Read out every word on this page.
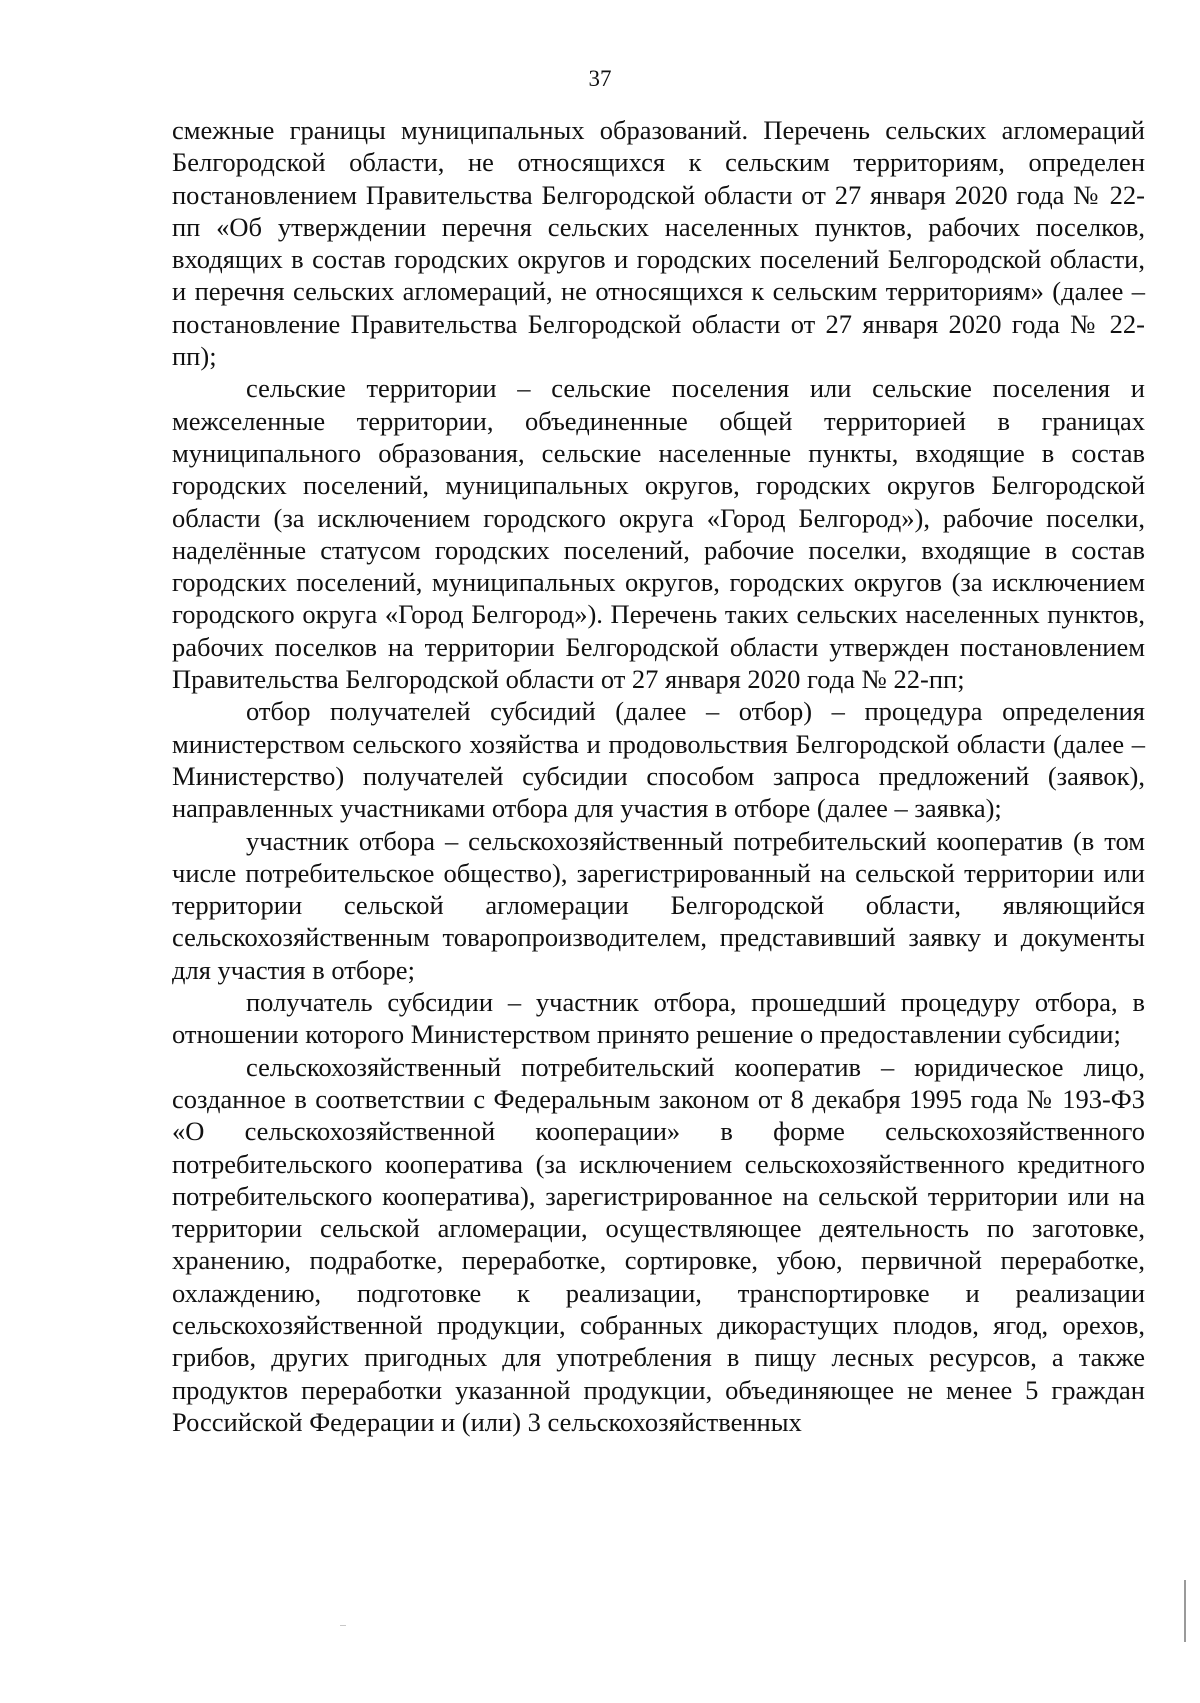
37

смежные границы муниципальных образований. Перечень сельских агломераций Белгородской области, не относящихся к сельским территориям, определен постановлением Правительства Белгородской области от 27 января 2020 года № 22-пп «Об утверждении перечня сельских населенных пунктов, рабочих поселков, входящих в состав городских округов и городских поселений Белгородской области, и перечня сельских агломераций, не относящихся к сельским территориям» (далее – постановление Правительства Белгородской области от 27 января 2020 года № 22-пп);

сельские территории – сельские поселения или сельские поселения и межселенные территории, объединенные общей территорией в границах муниципального образования, сельские населенные пункты, входящие в состав городских поселений, муниципальных округов, городских округов Белгородской области (за исключением городского округа «Город Белгород»), рабочие поселки, наделённые статусом городских поселений, рабочие поселки, входящие в состав городских поселений, муниципальных округов, городских округов (за исключением городского округа «Город Белгород»). Перечень таких сельских населенных пунктов, рабочих поселков на территории Белгородской области утвержден постановлением Правительства Белгородской области от 27 января 2020 года № 22-пп;

отбор получателей субсидий (далее – отбор) – процедура определения министерством сельского хозяйства и продовольствия Белгородской области (далее – Министерство) получателей субсидии способом запроса предложений (заявок), направленных участниками отбора для участия в отборе (далее – заявка);

участник отбора – сельскохозяйственный потребительский кооператив (в том числе потребительское общество), зарегистрированный на сельской территории или территории сельской агломерации Белгородской области, являющийся сельскохозяйственным товаропроизводителем, представивший заявку и документы для участия в отборе;

получатель субсидии – участник отбора, прошедший процедуру отбора, в отношении которого Министерством принято решение о предоставлении субсидии;

сельскохозяйственный потребительский кооператив – юридическое лицо, созданное в соответствии с Федеральным законом от 8 декабря 1995 года № 193-ФЗ «О сельскохозяйственной кооперации» в форме сельскохозяйственного потребительского кооператива (за исключением сельскохозяйственного кредитного потребительского кооператива), зарегистрированное на сельской территории или на территории сельской агломерации, осуществляющее деятельность по заготовке, хранению, подработке, переработке, сортировке, убою, первичной переработке, охлаждению, подготовке к реализации, транспортировке и реализации сельскохозяйственной продукции, собранных дикорастущих плодов, ягод, орехов, грибов, других пригодных для употребления в пищу лесных ресурсов, а также продуктов переработки указанной продукции, объединяющее не менее 5 граждан Российской Федерации и (или) 3 сельскохозяйственных
